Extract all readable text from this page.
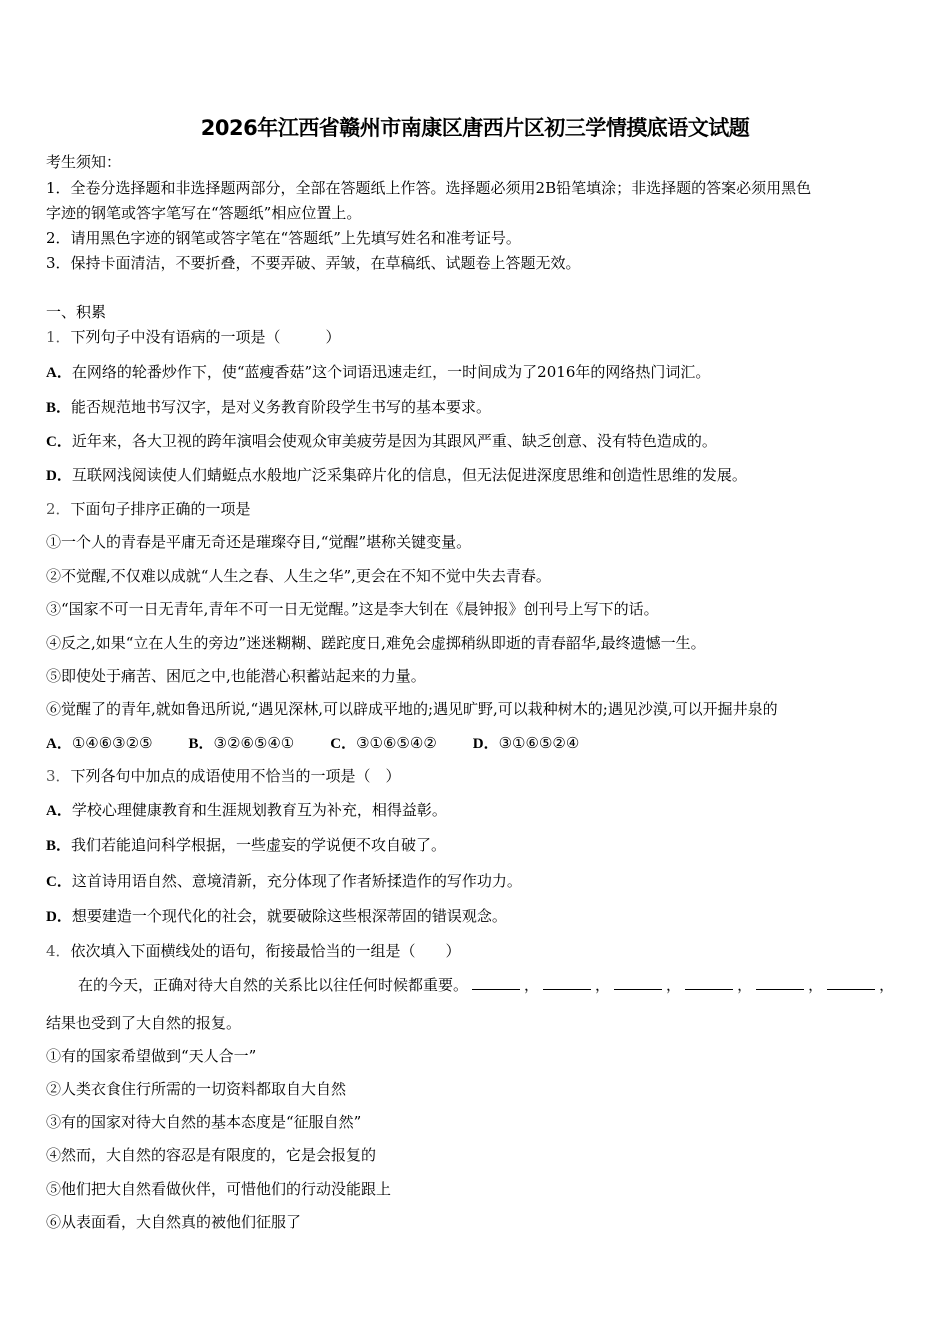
2026年江西省赣州市南康区唐西片区初三学情摸底语文试题
考生须知：
1．全卷分选择题和非选择题两部分，全部在答题纸上作答。选择题必须用2B铅笔填涂；非选择题的答案必须用黑色
字迹的钢笔或答字笔写在“答题纸”相应位置上。
2．请用黑色字迹的钢笔或答字笔在“答题纸”上先填写姓名和准考证号。
3．保持卡面清洁，不要折叠，不要弄破、弄皱，在草稿纸、试题卷上答题无效。
一、积累
1．下列句子中没有语病的一项是（　　　）
A．在网络的轮番炒作下，使“蓝瘦香菇”这个词语迅速走红，一时间成为了2016年的网络热门词汇。
B．能否规范地书写汉字，是对义务教育阶段学生书写的基本要求。
C．近年来，各大卫视的跨年演唱会使观众审美疲劳是因为其跟风严重、缺乏创意、没有特色造成的。
D．互联网浅阅读使人们蜻蜓点水般地广泛采集碎片化的信息，但无法促进深度思维和创造性思维的发展。
2．下面句子排序正确的一项是
①一个人的青春是平庸无奇还是璀璨夺目,“觉醒”堪称关键变量。
②不觉醒,不仅难以成就“人生之春、人生之华”,更会在不知不觉中失去青春。
③“国家不可一日无青年,青年不可一日无觉醒。”这是李大钊在《晨钟报》创刊号上写下的话。
④反之,如果“立在人生的旁边”迷迷糊糊、蹉跎度日,难免会虚掷稍纵即逝的青春韶华,最终遗憾一生。
⑤即使处于痛苦、困厄之中,也能潜心积蓄站起来的力量。
⑥觉醒了的青年,就如鲁迅所说,“遇见深林,可以辟成平地的;遇见旷野,可以栽种树木的;遇见沙漠,可以开掘井泉的
A．①④⑥③②⑤ B．③②⑥⑤④① C．③①⑥⑤④② D．③①⑥⑤②④
3．下列各句中加点的成语使用不恰当的一项是（　）
A．学校心理健康教育和生涯规划教育互为补充，相得益彰。
B．我们若能追问科学根据，一些虚妄的学说便不攻自破了。
C．这首诗用语自然、意境清新，充分体现了作者矫揉造作的写作功力。
D．想要建造一个现代化的社会，就要破除这些根深蒂固的错误观念。
4．依次填入下面横线处的语句，衔接最恰当的一组是（　　）
在的今天，正确对待大自然的关系比以往任何时候都重要。	，	，	，	，	，	，
结果也受到了大自然的报复。
①有的国家希望做到“天人合一”
②人类衣食住行所需的一切资料都取自大自然
③有的国家对待大自然的基本态度是“征服自然”
④然而，大自然的容忍是有限度的，它是会报复的
⑤他们把大自然看做伙伴，可惜他们的行动没能跟上
⑥从表面看，大自然真的被他们征服了
